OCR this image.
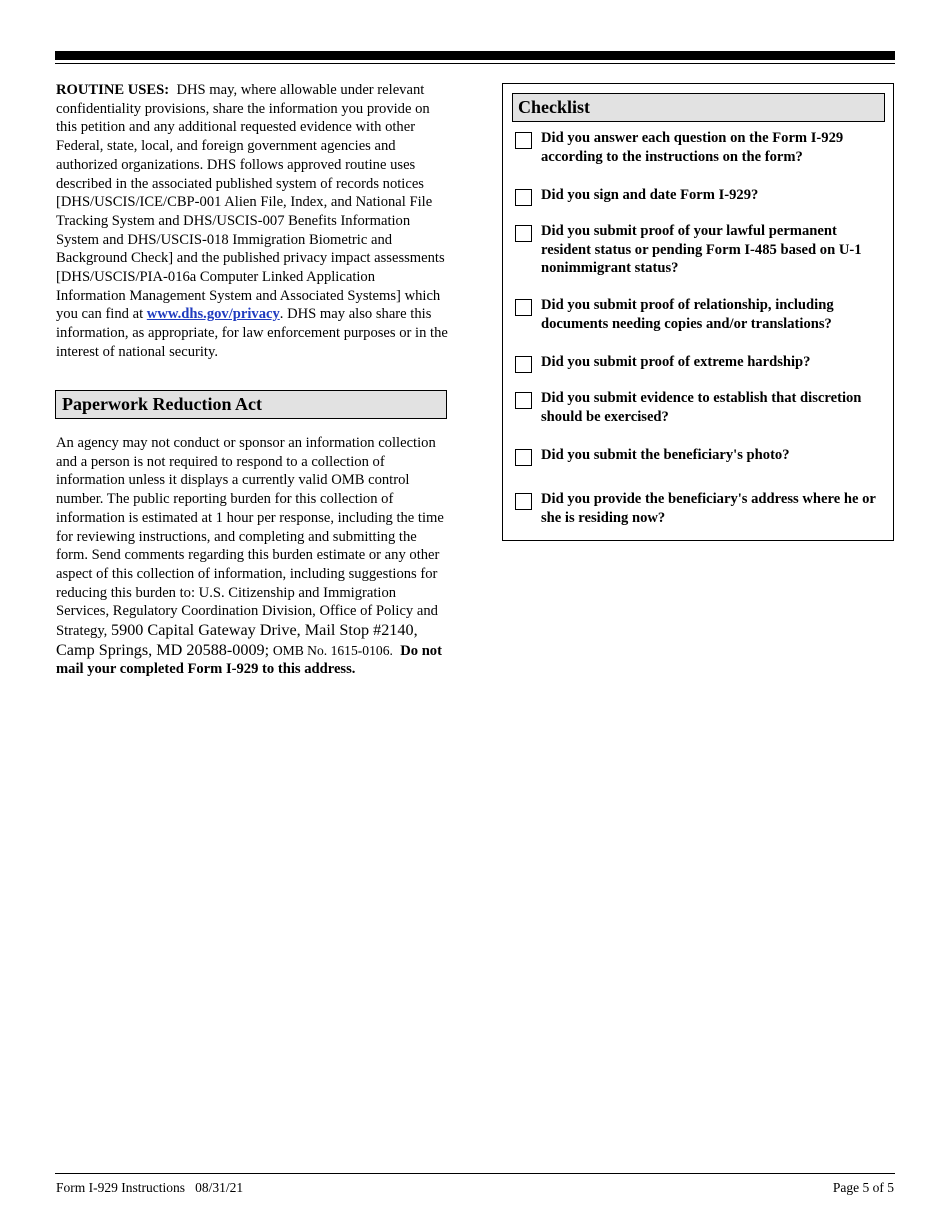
ROUTINE USES: DHS may, where allowable under relevant confidentiality provisions, share the information you provide on this petition and any additional requested evidence with other Federal, state, local, and foreign government agencies and authorized organizations. DHS follows approved routine uses described in the associated published system of records notices [DHS/USCIS/ICE/CBP-001 Alien File, Index, and National File Tracking System and DHS/USCIS-007 Benefits Information System and DHS/USCIS-018 Immigration Biometric and Background Check] and the published privacy impact assessments [DHS/USCIS/PIA-016a Computer Linked Application Information Management System and Associated Systems] which you can find at www.dhs.gov/privacy. DHS may also share this information, as appropriate, for law enforcement purposes or in the interest of national security.

Paperwork Reduction Act

An agency may not conduct or sponsor an information collection and a person is not required to respond to a collection of information unless it displays a currently valid OMB control number. The public reporting burden for this collection of information is estimated at 1 hour per response, including the time for reviewing instructions, and completing and submitting the form. Send comments regarding this burden estimate or any other aspect of this collection of information, including suggestions for reducing this burden to: U.S. Citizenship and Immigration Services, Regulatory Coordination Division, Office of Policy and Strategy, 5900 Capital Gateway Drive, Mail Stop #2140, Camp Springs, MD 20588-0009; OMB No. 1615-0106. Do not mail your completed Form I-929 to this address.

Checklist
Did you answer each question on the Form I-929 according to the instructions on the form?
Did you sign and date Form I-929?
Did you submit proof of your lawful permanent resident status or pending Form I-485 based on U-1 nonimmigrant status?
Did you submit proof of relationship, including documents needing copies and/or translations?
Did you submit proof of extreme hardship?
Did you submit evidence to establish that discretion should be exercised?
Did you submit the beneficiary's photo?
Did you provide the beneficiary's address where he or she is residing now?
Form I-929 Instructions 08/31/21	Page 5 of 5
